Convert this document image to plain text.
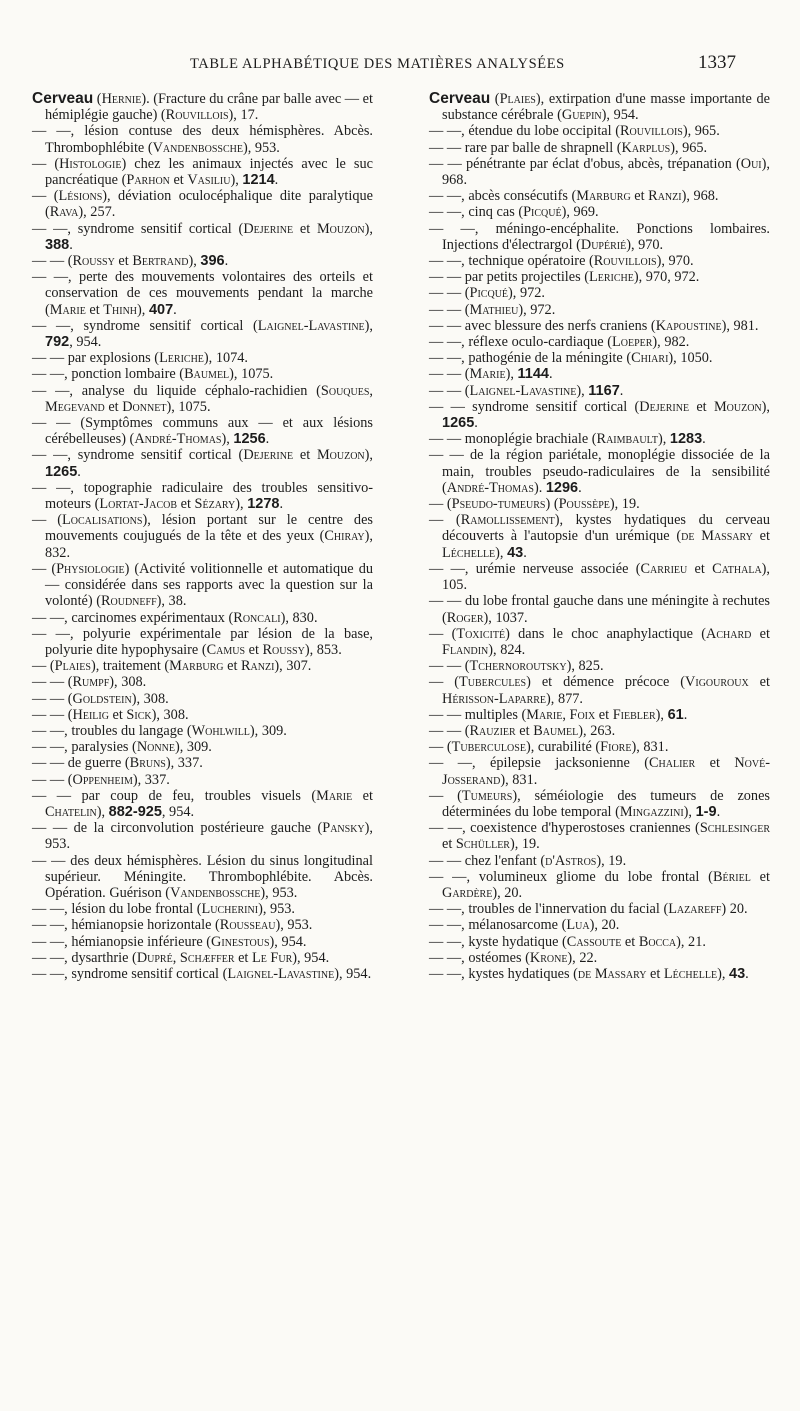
TABLE ALPHABÉTIQUE DES MATIÈRES ANALYSÉES	1337
Cerveau (Hernie). (Fracture du crâne par balle avec — et hémiplégie gauche) (Rouvillois), 17.
— —, lésion contuse des deux hémisphères. Abcès. Thrombophlébite (Vandenbossche), 953.
— (Histologie) chez les animaux injectés avec le suc pancréatique (Parhon et Vasiliu), 1214.
— (Lésions), déviation oculocéphalique dite paralytique (Rava), 257.
— —, syndrome sensitif cortical (Dejerine et Mouzon), 388.
— — (Roussy et Bertrand), 396.
— —, perte des mouvements volontaires des orteils et conservation de ces mouvements pendant la marche (Marie et Thinh), 407.
— —, syndrome sensitif cortical (Laignel-Lavastine), 792, 954.
— — par explosions (Leriche), 1074.
— —, ponction lombaire (Baumel), 1075.
— —, analyse du liquide céphalo-rachidien (Souques, Megevand et Donnet), 1075.
— — (Symptômes communs aux — et aux lésions cérébelleuses) (André-Thomas), 1256.
— —, syndrome sensitif cortical (Dejerine et Mouzon), 1265.
— —, topographie radiculaire des troubles sensitivo-moteurs (Lortat-Jacob et Sézary), 1278.
— (Localisations), lésion portant sur le centre des mouvements coujugués de la tête et des yeux (Chiray), 832.
— (Physiologie) (Activité volitionnelle et automatique du — considérée dans ses rapports avec la question sur la volonté) (Roudneff), 38.
— —, carcinomes expérimentaux (Roncali), 830.
— —, polyurie expérimentale par lésion de la base, polyurie dite hypophysaire (Camus et Roussy), 853.
— (Plaies), traitement (Marburg et Ranzi), 307.
— — (Rumpf), 308.
— — (Goldstein), 308.
— — (Heilig et Sick), 308.
— —, troubles du langage (Wohlwill), 309.
— —, paralysies (Nonne), 309.
— — de guerre (Bruns), 337.
— — (Oppenheim), 337.
— — par coup de feu, troubles visuels (Marie et Chatelin), 882-925, 954.
— — de la circonvolution postérieure gauche (Pansky), 953.
— — des deux hémisphères. Lésion du sinus longitudinal supérieur. Méningite. Thrombophlébite. Abcès. Opération. Guérison (Vandenbossche), 953.
— —, lésion du lobe frontal (Lucherini), 953.
— —, hémianopsie horizontale (Rousseau), 953.
— —, hémianopsie inférieure (Ginestous), 954.
— —, dysarthrie (Dupré, Schæffer et Le Fur), 954.
— —, syndrome sensitif cortical (Laignel-Lavastine), 954.
Cerveau (Plaies), extirpation d'une masse importante de substance cérébrale (Guepin), 954.
— —, étendue du lobe occipital (Rouvillois), 965.
— — rare par balle de shrapnell (Karplus), 965.
— — pénétrante par éclat d'obus, abcès, trépanation (Oui), 968.
— —, abcès consécutifs (Marburg et Ranzi), 968.
— —, cinq cas (Picqué), 969.
— —, méningo-encéphalite. Ponctions lombaires. Injections d'électrargol (Dupérié), 970.
— —, technique opératoire (Rouvillois), 970.
— — par petits projectiles (Leriche), 970, 972.
— — (Picqué), 972.
— — (Mathieu), 972.
— — avec blessure des nerfs craniens (Kapoustine), 981.
— —, réflexe oculo-cardiaque (Loeper), 982.
— —, pathogénie de la méningite (Chiari), 1050.
— — (Marie), 1144.
— — (Laignel-Lavastine), 1167.
— — syndrome sensitif cortical (Dejerine et Mouzon), 1265.
— — monoplégie brachiale (Raimbault), 1283.
— — de la région pariétale, monoplégie dissociée de la main, troubles pseudo-radiculaires de la sensibilité (André-Thomas). 1296.
— (Pseudo-tumeurs) (Poussèpe), 19.
— (Ramollissement), kystes hydatiques du cerveau découverts à l'autopsie d'un urémique (de Massary et Léchelle), 43.
— —, urémie nerveuse associée (Carrieu et Cathala), 105.
— — du lobe frontal gauche dans une méningite à rechutes (Roger), 1037.
— (Toxicité) dans le choc anaphylactique (Achard et Flandin), 824.
— — (Tchernoroutsky), 825.
— (Tubercules) et démence précoce (Vigouroux et Hérisson-Laparre), 877.
— — multiples (Marie, Foix et Fiebler), 61.
— — (Rauzier et Baumel), 263.
— (Tuberculose), curabilité (Fiore), 831.
— —, épilepsie jacksonienne (Chalier et Nové-Josserand), 831.
— (Tumeurs), séméiologie des tumeurs de zones déterminées du lobe temporal (Mingazzini), 1-9.
— —, coexistence d'hyperostoses craniennes (Schlesinger et Schüller), 19.
— — chez l'enfant (d'Astros), 19.
— —, volumineux gliome du lobe frontal (Bériel et Gardère), 20.
— —, troubles de l'innervation du facial (Lazareff) 20.
— —, mélanosarcome (Lua), 20.
— —, kyste hydatique (Cassoute et Bocca), 21.
— —, ostéomes (Krone), 22.
— —, kystes hydatiques (de Massary et Léchelle), 43.
